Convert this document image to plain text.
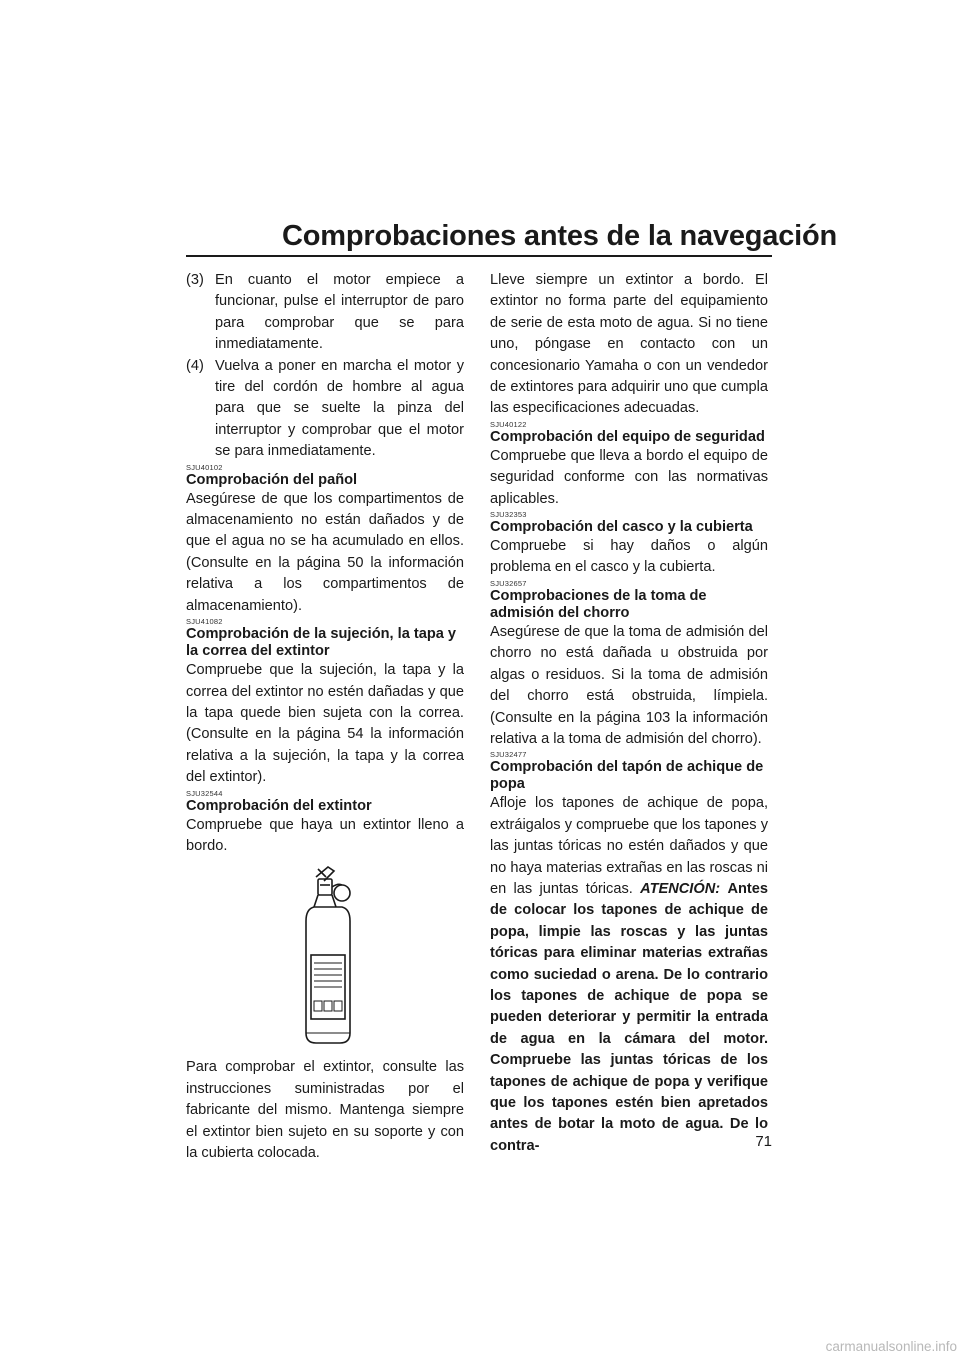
Comprobaciones antes de la navegación
(3) En cuanto el motor empiece a funcionar, pulse el interruptor de paro para comprobar que se para inmediatamente.
(4) Vuelva a poner en marcha el motor y tire del cordón de hombre al agua para que se suelte la pinza del interruptor y comprobar que el motor se para inmediatamente.
SJU40102
Comprobación del pañol

Asegúrese de que los compartimentos de almacenamiento no están dañados y de que el agua no se ha acumulado en ellos. (Consulte en la página 50 la información relativa a los compartimentos de almacenamiento).

SJU41082
Comprobación de la sujeción, la tapa y la correa del extintor

Compruebe que la sujeción, la tapa y la correa del extintor no estén dañadas y que la tapa quede bien sujeta con la correa. (Consulte en la página 54 la información relativa a la sujeción, la tapa y la correa del extintor).

SJU32544
Comprobación del extintor

Compruebe que haya un extintor lleno a bordo.

Para comprobar el extintor, consulte las instrucciones suministradas por el fabricante del mismo. Mantenga siempre el extintor bien sujeto en su soporte y con la cubierta colocada.

Lleve siempre un extintor a bordo. El extintor no forma parte del equipamiento de serie de esta moto de agua. Si no tiene uno, póngase en contacto con un concesionario Yamaha o con un vendedor de extintores para adquirir uno que cumpla las especificaciones adecuadas.

SJU40122
Comprobación del equipo de seguridad

Compruebe que lleva a bordo el equipo de seguridad conforme con las normativas aplicables.

SJU32353
Comprobación del casco y la cubierta

Compruebe si hay daños o algún problema en el casco y la cubierta.

SJU32657
Comprobaciones de la toma de admisión del chorro

Asegúrese de que la toma de admisión del chorro no está dañada u obstruida por algas o residuos. Si la toma de admisión del chorro está obstruida, límpiela. (Consulte en la página 103 la información relativa a la toma de admisión del chorro).

SJU32477
Comprobación del tapón de achique de popa

Afloje los tapones de achique de popa, extráigalos y compruebe que los tapones y las juntas tóricas no estén dañados y que no haya materias extrañas en las roscas ni en las juntas tóricas. ATENCIÓN: Antes de colocar los tapones de achique de popa, limpie las roscas y las juntas tóricas para eliminar materias extrañas como suciedad o arena. De lo contrario los tapones de achique de popa se pueden deteriorar y permitir la entrada de agua en la cámara del motor. Compruebe las juntas tóricas de los tapones de achique de popa y verifique que los tapones estén bien apretados antes de botar la moto de agua. De lo contra-	71
carmanualsonline.info
